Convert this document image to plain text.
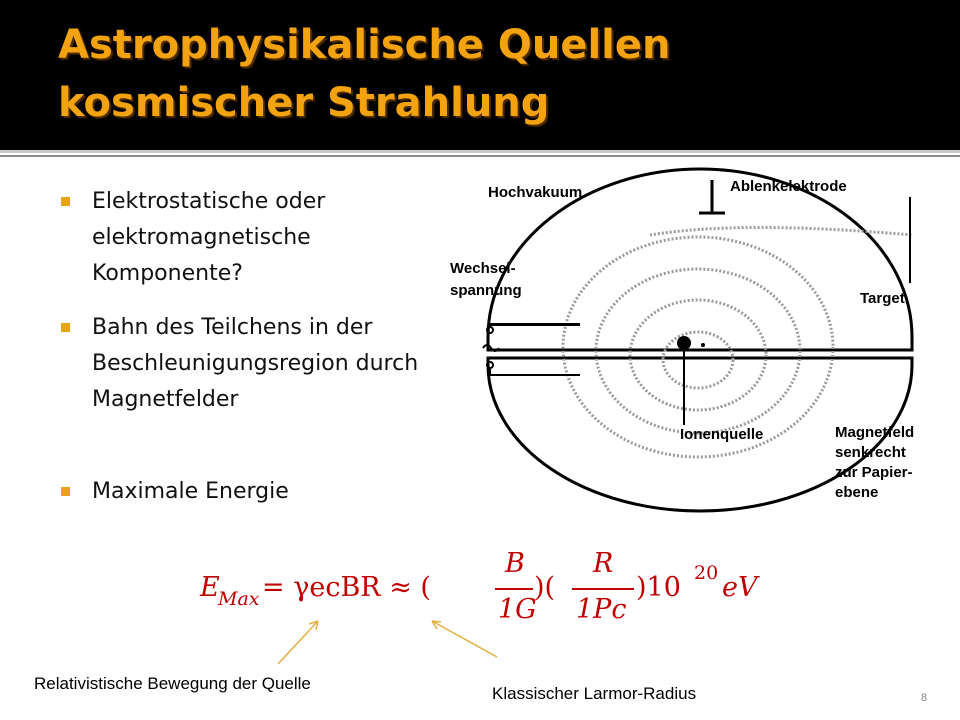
Astrophysikalische Quellen
kosmischer Strahlung
Elektrostatische oder elektromagnetische Komponente?
Bahn des Teilchens in der Beschleunigungsregion durch Magnetfelder
Maximale Energie
Hochvakuum	Ablenkelektrode
Wechsel-
spannung	Target
Ionenquelle	Magnetfeld
senkrecht
zur Papier-
ebene
E
Max = γecBR ≈ (
B
1G
)(
R
1Pc
)10 20 eV
Relativistische Bewegung der Quelle
Klassischer Larmor-Radius	8
